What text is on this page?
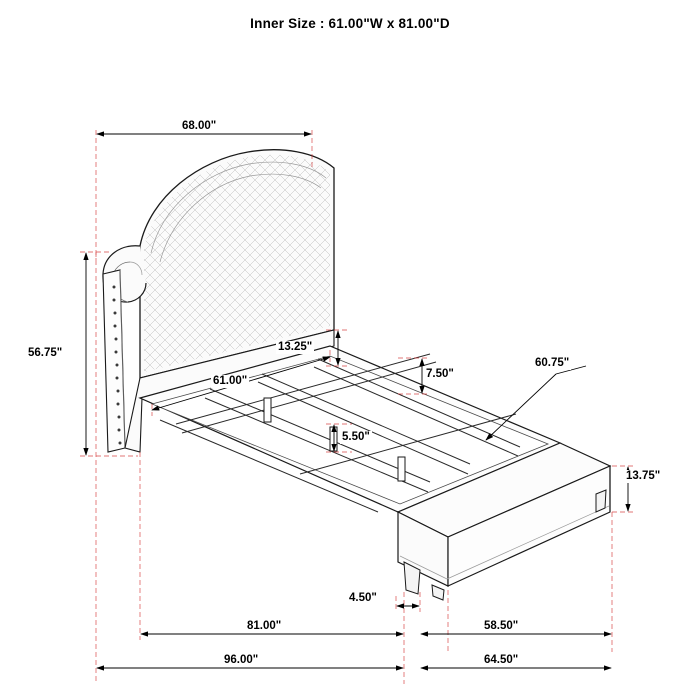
Inner Size : 61.00"W x 81.00"D
68.00"
56.75"	13.25"
61.00"
7.50"
5.50"
60.75"
13.75"
4.50"
81.00"	58.50"
96.00"	64.50"
